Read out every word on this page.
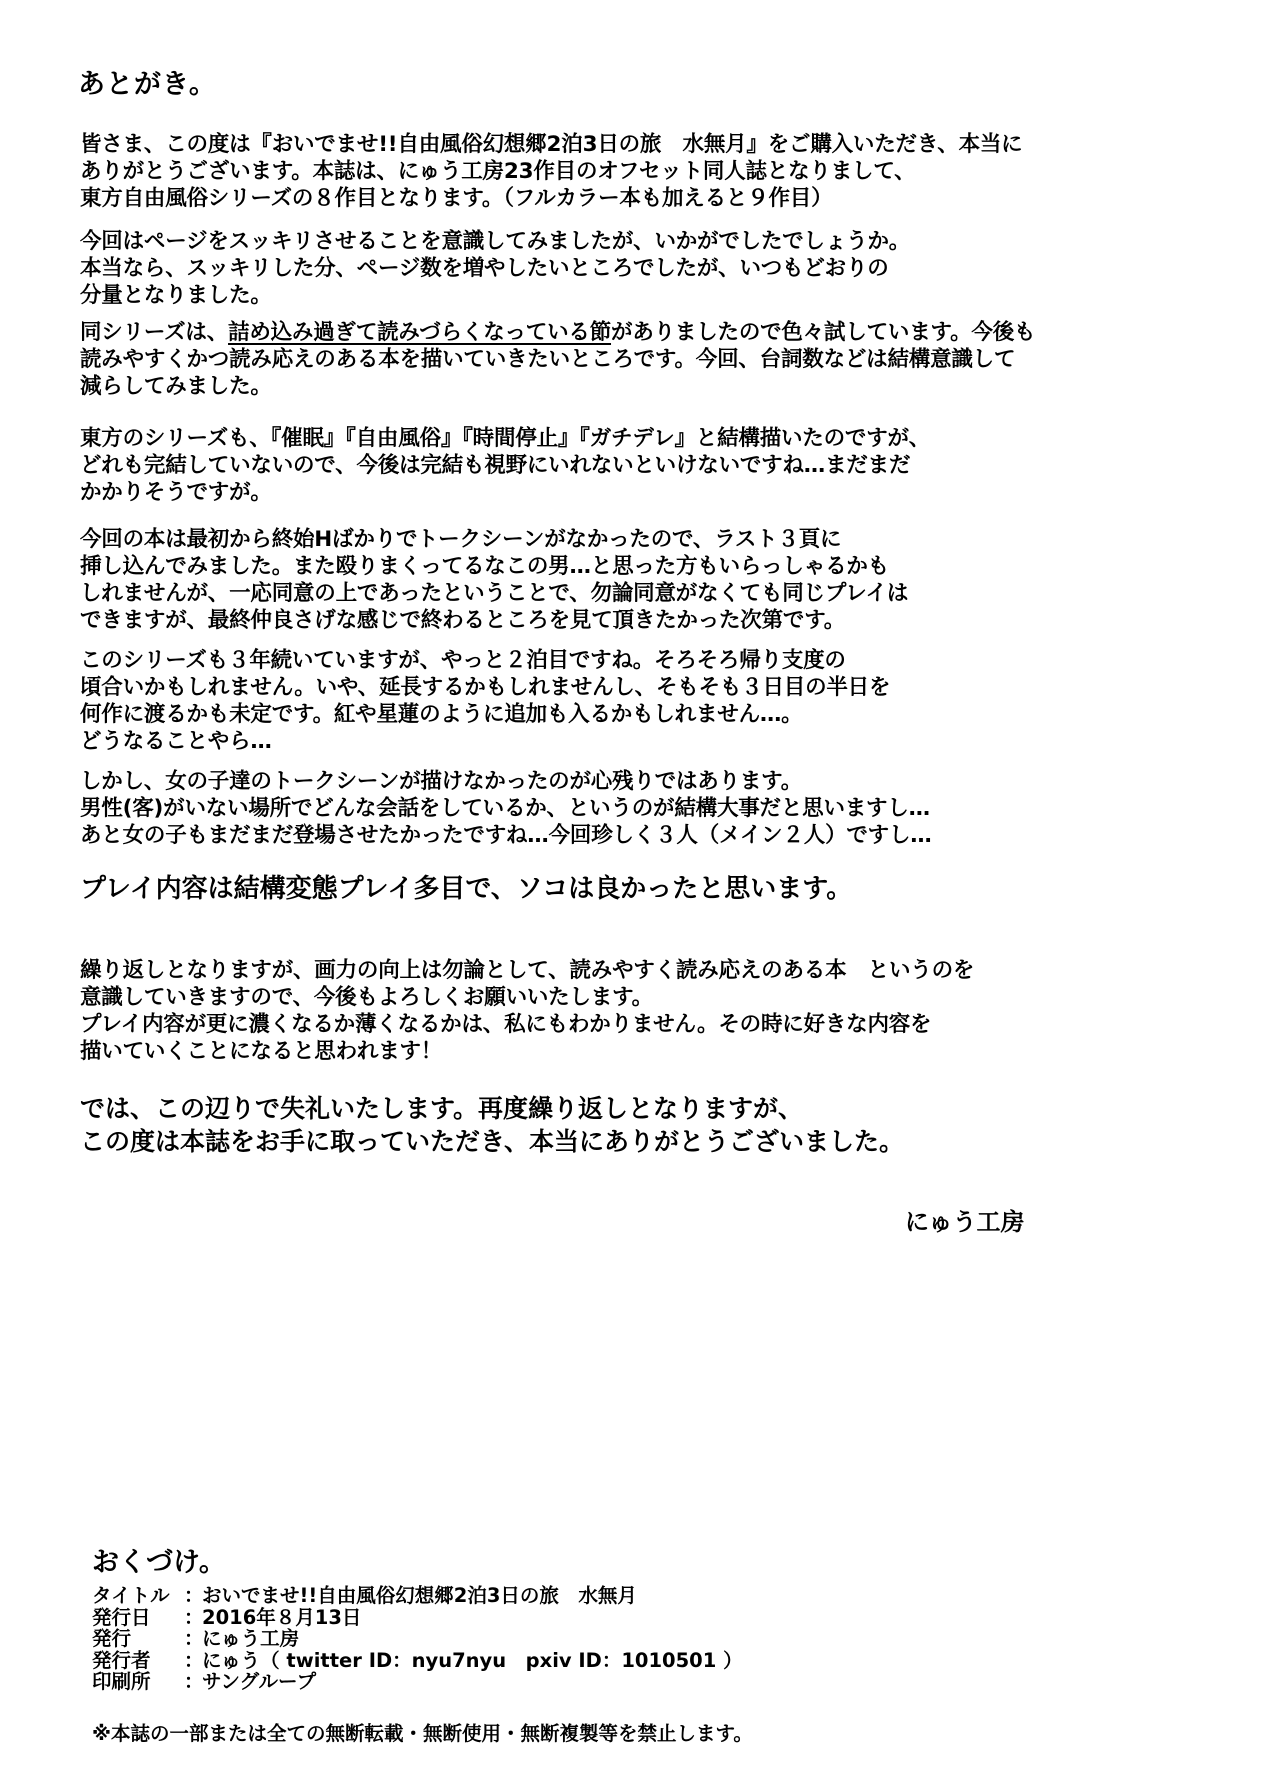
あとがき。
皆さま、この度は『おいでませ!!自由風俗幻想郷2泊3日の旅　水無月』をご購入いただき、本当に
ありがとうございます。本誌は、にゅう工房23作目のオフセット同人誌となりまして、
東方自由風俗シリーズの８作目となります。（フルカラー本も加えると９作目）
今回はページをスッキリさせることを意識してみましたが、いかがでしたでしょうか。
本当なら、スッキリした分、ページ数を増やしたいところでしたが、いつもどおりの
分量となりました。
同シリーズは、詰め込み過ぎて読みづらくなっている節がありましたので色々試しています。今後も
読みやすくかつ読み応えのある本を描いていきたいところです。今回、台詞数などは結構意識して
減らしてみました。
東方のシリーズも、『催眠』『自由風俗』『時間停止』『ガチデレ』と結構描いたのですが、
どれも完結していないので、今後は完結も視野にいれないといけないですね…まだまだ
かかりそうですが。
今回の本は最初から終始Hばかりでトークシーンがなかったので、ラスト３頁に
挿し込んでみました。また殴りまくってるなこの男…と思った方もいらっしゃるかも
しれませんが、一応同意の上であったということで、勿論同意がなくても同じプレイは
できますが、最終仲良さげな感じで終わるところを見て頂きたかった次第です。
このシリーズも３年続いていますが、やっと２泊目ですね。そろそろ帰り支度の
頃合いかもしれません。いや、延長するかもしれませんし、そもそも３日目の半日を
何作に渡るかも未定です。紅や星蓮のように追加も入るかもしれません…。
どうなることやら…
しかし、女の子達のトークシーンが描けなかったのが心残りではあります。
男性(客)がいない場所でどんな会話をしているか、というのが結構大事だと思いますし…
あと女の子もまだまだ登場させたかったですね…今回珍しく３人（メイン２人）ですし…
プレイ内容は結構変態プレイ多目で、ソコは良かったと思います。
繰り返しとなりますが、画力の向上は勿論として、読みやすく読み応えのある本　というのを
意識していきますので、今後もよろしくお願いいたします。
プレイ内容が更に濃くなるか薄くなるかは、私にもわかりません。その時に好きな内容を
描いていくことになると思われます！
では、この辺りで失礼いたします。再度繰り返しとなりますが、
この度は本誌をお手に取っていただき、本当にありがとうございました。
にゅう工房
おくづけ。
タイトル ：
おいでませ!!自由風俗幻想郷2泊3日の旅　水無月
発行日	：
2016年８月13日
発行	：
にゅう工房
発行者	：
にゅう（ twitter ID：nyu7nyu　pxiv ID：1010501 ）
印刷所	：
サングループ
※本誌の一部または全ての無断転載・無断使用・無断複製等を禁止します。
